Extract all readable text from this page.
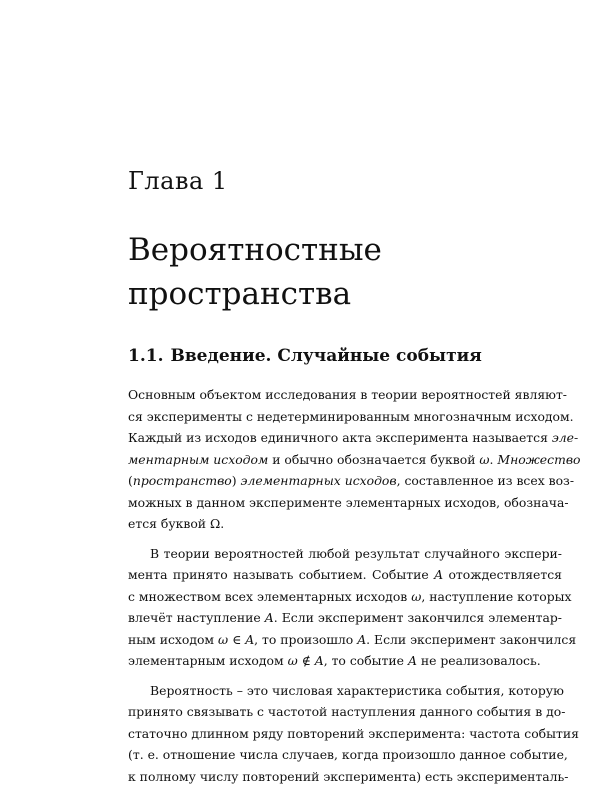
Глава 1
Вероятностные
пространства
1.1. Введение. Случайные события
Основным объектом исследования в теории вероятностей являют-
ся эксперименты с недетерминированным многозначным исходом.
Каждый из исходов единичного акта эксперимента называется эле-
ментарным исходом и обычно обозначается буквой ω. Множество
(пространство) элементарных исходов, составленное из всех воз-
можных в данном эксперименте элементарных исходов, обознача-
ется буквой Ω.
В теории вероятностей любой результат случайного экспери-
мента принято называть событием. Событие A отождествляется
с множеством всех элементарных исходов ω, наступление которых
влечёт наступление A. Если эксперимент закончился элементар-
ным исходом ω ∈ A, то произошло A. Если эксперимент закончился
элементарным исходом ω ∉ A, то событие A не реализовалось.
Вероятность – это числовая характеристика события, которую
принято связывать с частотой наступления данного события в до-
статочно длинном ряду повторений эксперимента: частота события
(т. е. отношение числа случаев, когда произошло данное событие,
к полному числу повторений эксперимента) есть эксперименталь-
